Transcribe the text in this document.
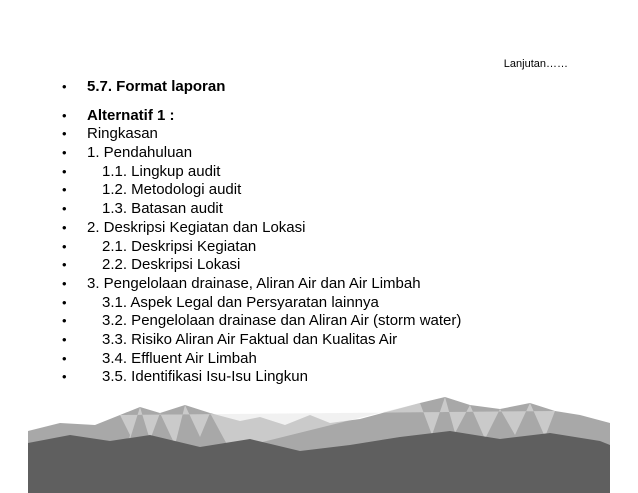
Lanjutan……
•	5.7. Format laporan
•	Alternatif 1 :
•	Ringkasan
•	1. Pendahuluan
•	1.1. Lingkup audit
•	1.2. Metodologi audit
•	1.3. Batasan audit
•	2. Deskripsi Kegiatan dan Lokasi
•	2.1. Deskripsi Kegiatan
•	2.2. Deskripsi Lokasi
•	3. Pengelolaan drainase, Aliran Air dan Air Limbah
•	3.1. Aspek Legal dan Persyaratan lainnya
•	3.2. Pengelolaan drainase dan Aliran Air (storm water)
•	3.3. Risiko Aliran Air Faktual dan Kualitas Air
•	3.4. Effluent Air Limbah
•	3.5. Identifikasi Isu-Isu Lingkun
